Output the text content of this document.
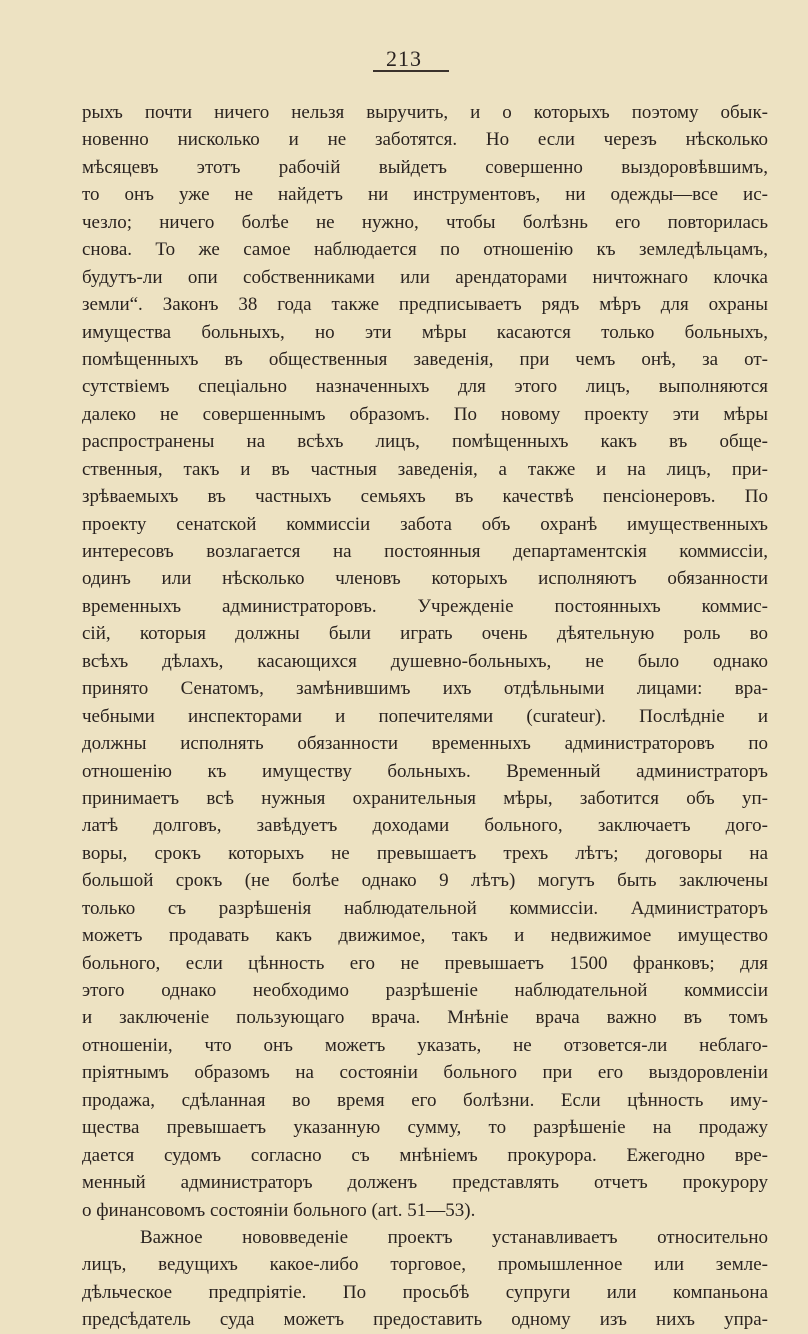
213
рыхъ почти ничего нельзя выручить, и о которыхъ поэтому обык-
новенно нисколько и не заботятся. Но если черезъ нѣсколько
мѣсяцевъ этотъ рабочій выйдетъ совершенно выздоровѣвшимъ,
то онъ уже не найдетъ ни инструментовъ, ни одежды—все ис-
чезло; ничего болѣе не нужно, чтобы болѣзнь его повторилась
снова. То же самое наблюдается по отношенію къ земледѣльцамъ,
будутъ-ли опи собственниками или арендаторами ничтожнаго клочка
земли“. Законъ 38 года также предписываетъ рядъ мѣръ для охраны
имущества больныхъ, но эти мѣры касаются только больныхъ,
помѣщенныхъ въ общественныя заведенія, при чемъ онѣ, за от-
сутствіемъ спеціально назначенныхъ для этого лицъ, выполняются
далеко не совершеннымъ образомъ. По новому проекту эти мѣры
распространены на всѣхъ лицъ, помѣщенныхъ какъ въ обще-
ственныя, такъ и въ частныя заведенія, а также и на лицъ, при-
зрѣваемыхъ въ частныхъ семьяхъ въ качествѣ пенсіонеровъ. По
проекту сенатской коммиссіи забота объ охранѣ имущественныхъ
интересовъ возлагается на постоянныя департаментскія коммиссіи,
одинъ или нѣсколько членовъ которыхъ исполняютъ обязанности
временныхъ администраторовъ. Учрежденіе постоянныхъ коммис-
сій, которыя должны были играть очень дѣятельную роль во
всѣхъ дѣлахъ, касающихся душевно-больныхъ, не было однако
принято Сенатомъ, замѣнившимъ ихъ отдѣльными лицами: вра-
чебными инспекторами и попечителями (curateur). Послѣдніе и
должны исполнять обязанности временныхъ администраторовъ по
отношенію къ имуществу больныхъ. Временный администраторъ
принимаетъ всѣ нужныя охранительныя мѣры, заботится объ уп-
латѣ долговъ, завѣдуетъ доходами больного, заключаетъ дого-
воры, срокъ которыхъ не превышаетъ трехъ лѣтъ; договоры на
большой срокъ (не болѣе однако 9 лѣтъ) могутъ быть заключены
только съ разрѣшенія наблюдательной коммиссіи. Администраторъ
можетъ продавать какъ движимое, такъ и недвижимое имущество
больного, если цѣнность его не превышаетъ 1500 франковъ; для
этого однако необходимо разрѣшеніе наблюдательной коммиссіи
и заключеніе пользующаго врача. Мнѣніе врача важно въ томъ
отношеніи, что онъ можетъ указать, не отзовется-ли неблаго-
пріятнымъ образомъ на состояніи больного при его выздоровленіи
продажа, сдѣланная во время его болѣзни. Если цѣнность иму-
щества превышаетъ указанную сумму, то разрѣшеніе на продажу
дается судомъ согласно съ мнѣніемъ прокурора. Ежегодно вре-
менный администраторъ долженъ представлять отчетъ прокурору
о финансовомъ состояніи больного (art. 51—53).
Важное нововведеніе проектъ устанавливаетъ относительно
лицъ, ведущихъ какое-либо торговое, промышленное или земле-
дѣльческое предпріятіе. По просьбѣ супруги или компаньона
предсѣдатель суда можетъ предоставить одному изъ нихъ упра-
